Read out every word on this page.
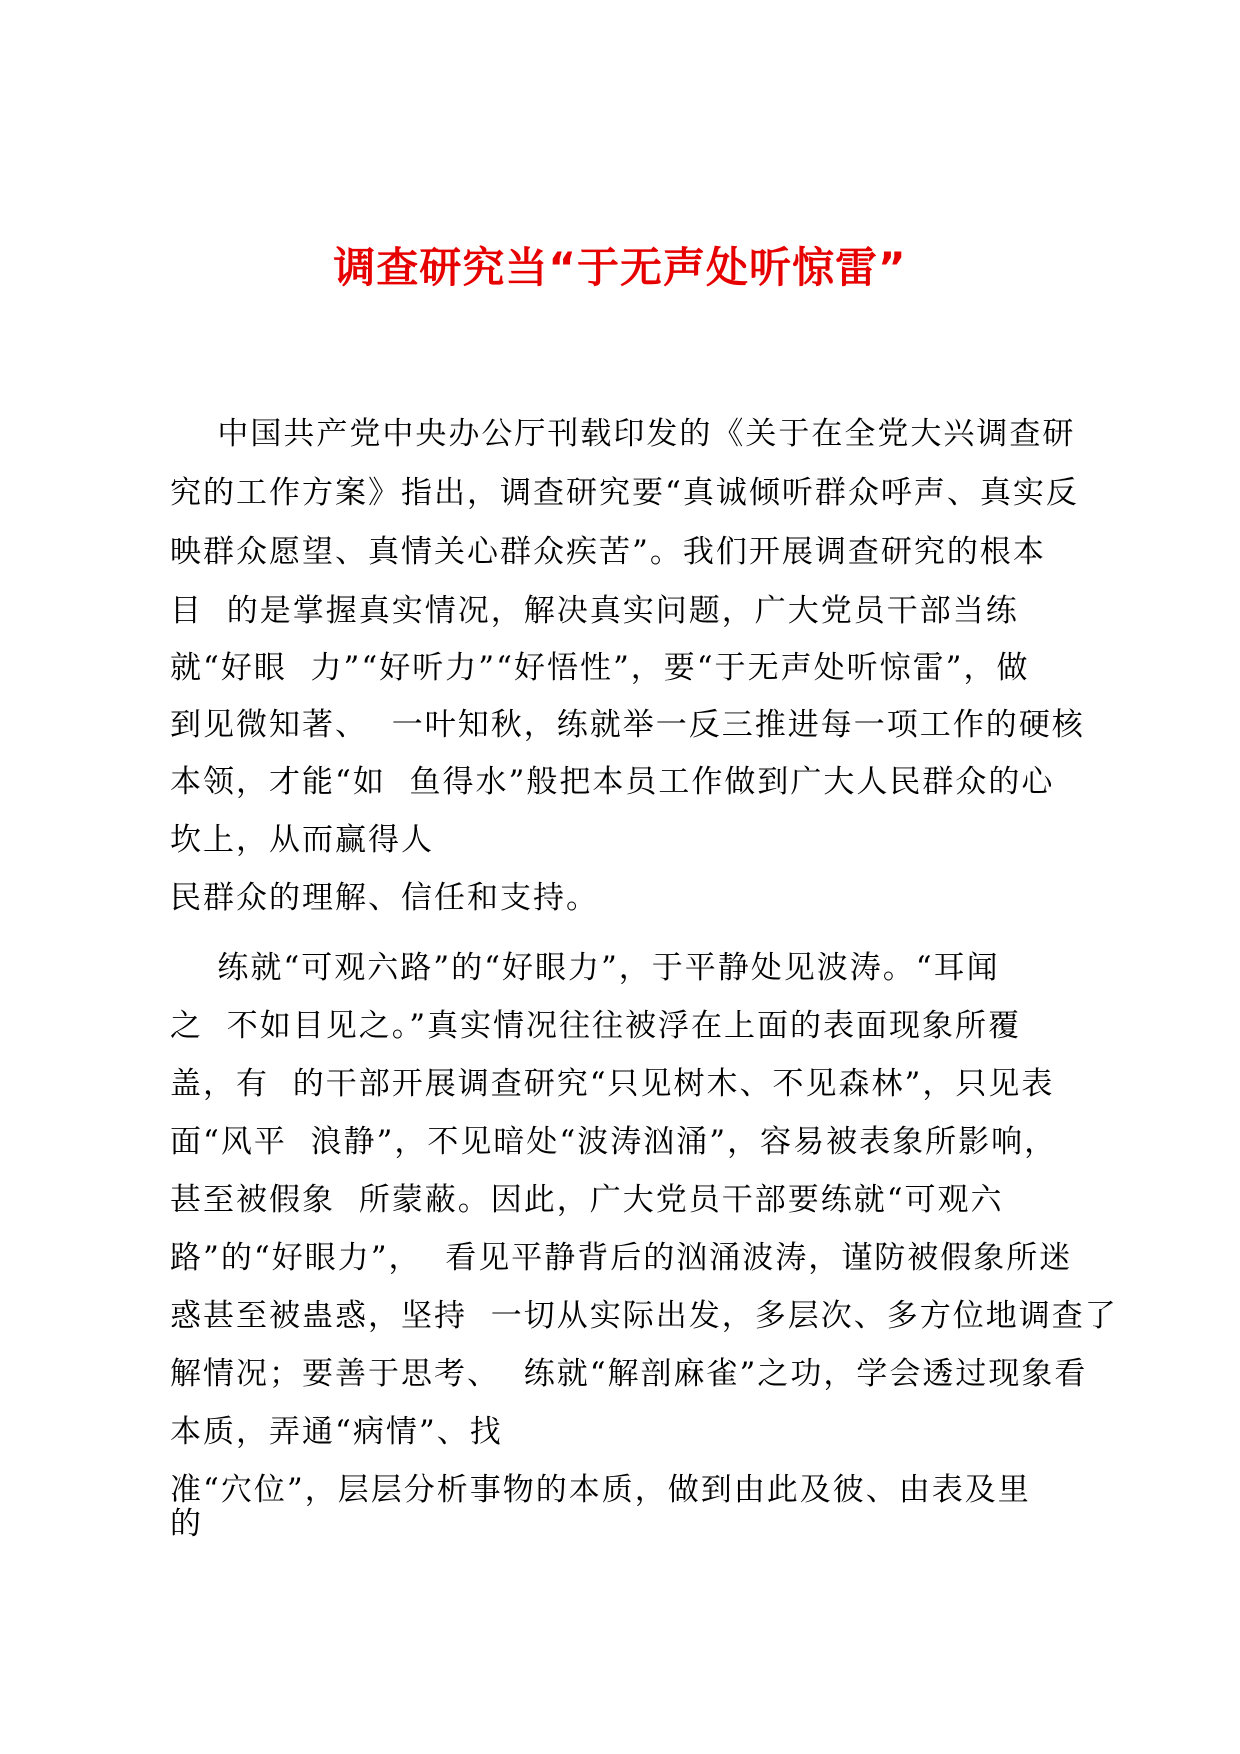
调查研究当“于无声处听惊雷”
中国共产党中央办公厅刊载印发的《关于在全党大兴调查研
究的工作方案》指出，调查研究要“真诚倾听群众呼声、真实反
映群众愿望、真情关心群众疾苦”。我们开展调查研究的根本
目  的是掌握真实情况，解决真实问题，广大党员干部当练
就“好眼  力”“好听力”“好悟性”，要“于无声处听惊雷”，做
到见微知著、  一叶知秋，练就举一反三推进每一项工作的硬核
本领，才能“如  鱼得水”般把本员工作做到广大人民群众的心
坎上，从而赢得人
民群众的理解、信任和支持。
练就“可观六路”的“好眼力”，于平静处见波涛。“耳闻
之  不如目见之。”真实情况往往被浮在上面的表面现象所覆
盖，有  的干部开展调查研究“只见树木、不见森林”，只见表
面“风平  浪静”，不见暗处“波涛汹涌”，容易被表象所影响，
甚至被假象  所蒙蔽。因此，广大党员干部要练就“可观六
路”的“好眼力”，  看见平静背后的汹涌波涛，谨防被假象所迷
惑甚至被蛊惑，坚持  一切从实际出发，多层次、多方位地调查了
解情况；要善于思考、  练就“解剖麻雀”之功，学会透过现象看
本质，弄通“病情”、找
准“穴位”，层层分析事物的本质，做到由此及彼、由表及里
的
